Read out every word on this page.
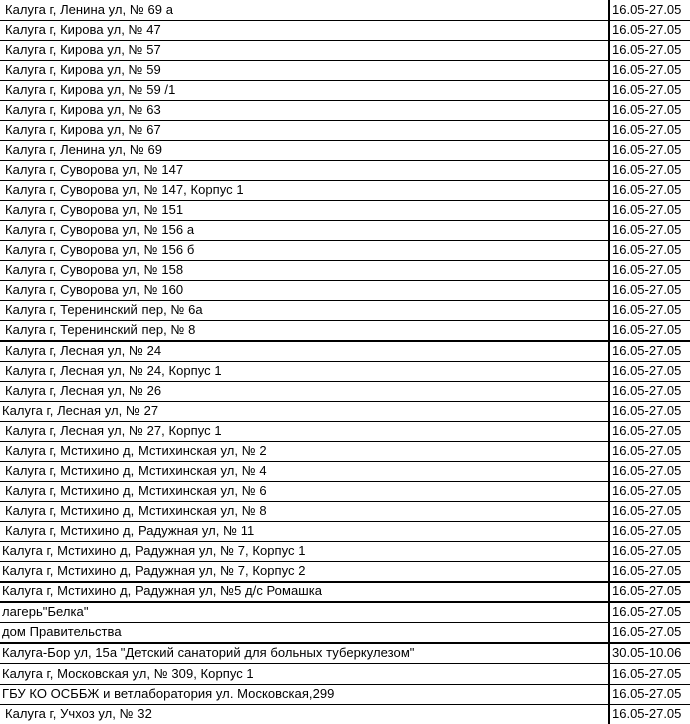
Калуга г, Ленина ул, № 69 а	16.05-27.05
Калуга г, Кирова ул, № 47	16.05-27.05
Калуга г, Кирова ул, № 57	16.05-27.05
Калуга г, Кирова ул, № 59	16.05-27.05
Калуга г, Кирова ул, № 59 /1	16.05-27.05
Калуга г, Кирова ул, № 63	16.05-27.05
Калуга г, Кирова ул, № 67	16.05-27.05
Калуга г, Ленина ул, № 69	16.05-27.05
Калуга г, Суворова ул, № 147	16.05-27.05
Калуга г, Суворова ул, № 147, Корпус 1	16.05-27.05
Калуга г, Суворова ул, № 151	16.05-27.05
Калуга г, Суворова ул, № 156 а	16.05-27.05
Калуга г, Суворова ул, № 156 б	16.05-27.05
Калуга г, Суворова ул, № 158	16.05-27.05
Калуга г, Суворова ул, № 160	16.05-27.05
Калуга г, Теренинский пер, № 6а	16.05-27.05
Калуга г, Теренинский пер, № 8	16.05-27.05
Калуга г, Лесная ул, № 24	16.05-27.05
Калуга г, Лесная ул, № 24, Корпус 1	16.05-27.05
Калуга г, Лесная ул, № 26	16.05-27.05
Калуга г, Лесная ул, № 27	16.05-27.05
Калуга г, Лесная ул, № 27, Корпус 1	16.05-27.05
Калуга г, Мстихино д, Мстихинская ул, № 2	16.05-27.05
Калуга г, Мстихино д, Мстихинская ул, № 4	16.05-27.05
Калуга г, Мстихино д, Мстихинская ул, № 6	16.05-27.05
Калуга г, Мстихино д, Мстихинская ул, № 8	16.05-27.05
Калуга г, Мстихино д, Радужная ул, № 11	16.05-27.05
Калуга г, Мстихино д, Радужная ул, № 7, Корпус 1	16.05-27.05
Калуга г, Мстихино д, Радужная ул, № 7, Корпус 2	16.05-27.05
Калуга г, Мстихино д, Радужная ул, №5 д/с Ромашка	16.05-27.05
лагерь"Белка"	16.05-27.05
дом Правительства	16.05-27.05
Калуга-Бор ул, 15а "Детский санаторий для больных туберкулезом"	30.05-10.06
Калуга г, Московская ул, № 309, Корпус 1	16.05-27.05
ГБУ КО ОСББЖ и ветлаборатория ул. Московская,299	16.05-27.05
Калуга г, Учхоз ул, № 32	16.05-27.05
